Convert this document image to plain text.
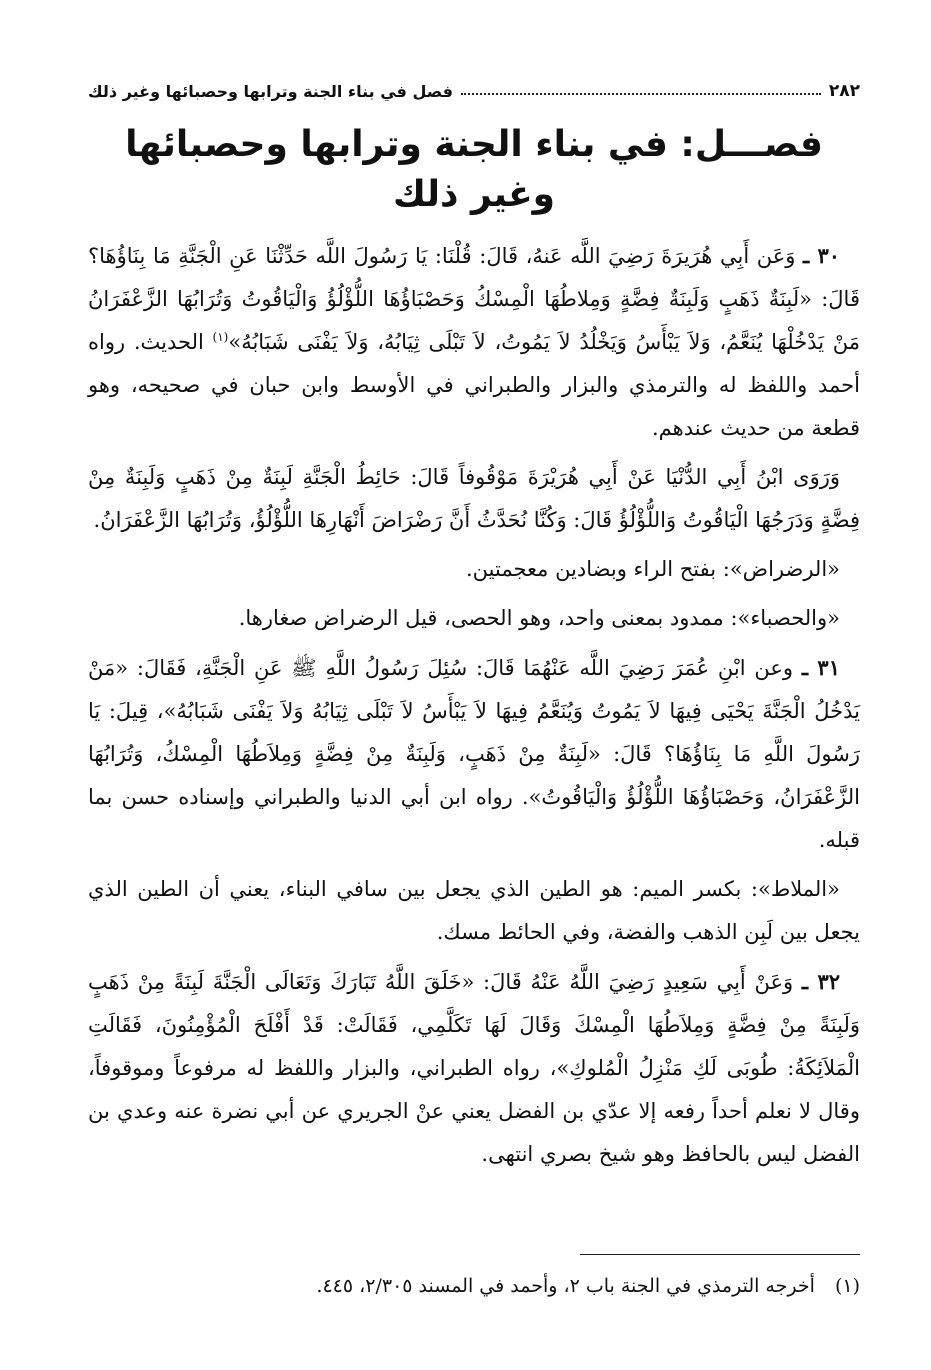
٢٨٢
فصل في بناء الجنة وترابها وحصبائها وغير ذلك
فصـــل: في بناء الجنة وترابها وحصبائها وغير ذلك

٣٠ ـ وَعَن أَبِي هُرَيرَةَ رَضِيَ اللَّه عَنهُ، قَالَ: قُلْنَا: يَا رَسُولَ اللَّه حَدِّثْنَا عَنِ الْجَنَّةِ مَا بِنَاؤُهَا؟ قَالَ: «لَبِنَةٌ ذَهَبٍ وَلَبِنَةٌ فِضَّةٍ وَمِلاطُهَا الْمِسْكُ وَحَصْبَاؤُهَا اللُّؤْلُؤُ وَالْيَاقُوتُ وَتُرَابُهَا الزَّعْفَرَانُ مَنْ يَدْخُلْهَا يُنَعَّمُ، وَلاَ يَبْأَسُ وَيَخْلُدُ لاَ يَمُوتُ، لاَ تَبْلَى ثِيَابُهُ، وَلاَ يَفْنَى شَبَابُهُ»$^{(١)}$ الحديث. رواه أحمد واللفظ له والترمذي والبزار والطبراني في الأوسط وابن حبان في صحيحه، وهو قطعة من حديث عندهم.

وَرَوَى ابْنُ أَبِي الدُّنْيَا عَنْ أَبِي هُرَيْرَةَ مَوْقُوفاً قَالَ: حَائِطُ الْجَنَّةِ لَبِنَةٌ مِنْ ذَهَبٍ وَلَبِنَةٌ مِنْ فِضَّةٍ وَدَرَجُهَا الْيَاقُوتُ وَاللُّؤْلُؤُ قَالَ: وَكُنَّا نُحَدَّثُ أَنَّ رَضْرَاضَ أَنْهَارِهَا اللُّؤْلُؤُ، وَتُرَابُهَا الزَّعْفَرَانُ.

«الرضراض»: بفتح الراء وبضادين معجمتين.

«والحصباء»: ممدود بمعنى واحد، وهو الحصى، قيل الرضراض صغارها.

٣١ ـ وعن ابْنِ عُمَرَ رَضِيَ اللَّه عَنْهُمَا قَالَ: سُئِلَ رَسُولُ اللَّهِ ﷺ عَنِ الْجَنَّةِ، فَقَالَ: «مَنْ يَدْخُلُ الْجَنَّةَ يَحْيَى فِيهَا لاَ يَمُوتُ وَيُنَعَّمُ فِيهَا لاَ يَبْأَسُ لاَ تَبْلَى ثِيَابُهُ وَلاَ يَفْنَى شَبَابُهُ»، قِيلَ: يَا رَسُولَ اللَّهِ مَا بِنَاؤُهَا؟ قَالَ: «لَبِنَةٌ مِنْ ذَهَبٍ، وَلَبِنَةٌ مِنْ فِضَّةٍ وَمِلاَطُهَا الْمِسْكُ، وَتُرَابُهَا الزَّعْفَرَانُ، وَحَصْبَاؤُهَا اللُّؤْلُؤُ وَالْيَاقُوتُ». رواه ابن أبي الدنيا والطبراني وإسناده حسن بما قبله.

«الملاط»: بكسر الميم: هو الطين الذي يجعل بين سافي البناء، يعني أن الطين الذي يجعل بين لَبِن الذهب والفضة، وفي الحائط مسك.

٣٢ ـ وَعَنْ أَبِي سَعِيدٍ رَضِيَ اللَّهُ عَنْهُ قَالَ: «خَلَقَ اللَّهُ تَبَارَكَ وَتَعَالَى الْجَنَّةَ لَبِنَةً مِنْ ذَهَبٍ وَلَبِنَةً مِنْ فِضَّةٍ وَمِلاَطُهَا الْمِسْكَ وَقَالَ لَهَا تَكَلَّمِي، فَقَالَتْ: قَدْ أَفْلَحَ الْمُؤْمِنُونَ، فَقَالَتِ الْمَلاَئِكَةُ: طُوبَى لَكِ مَنْزِلُ الْمُلوكِ»، رواه الطبراني، والبزار واللفظ له مرفوعاً وموقوفاً، وقال لا نعلم أحداً رفعه إلا عدّي بن الفضل يعني عنْ الجريري عن أبي نضرة عنه وعدي بن الفضل ليس بالحافظ وهو شيخ بصري انتهى.

(١) أخرجه الترمذي في الجنة باب ٢، وأحمد في المسند ٢/٣٠٥، ٤٤٥.
